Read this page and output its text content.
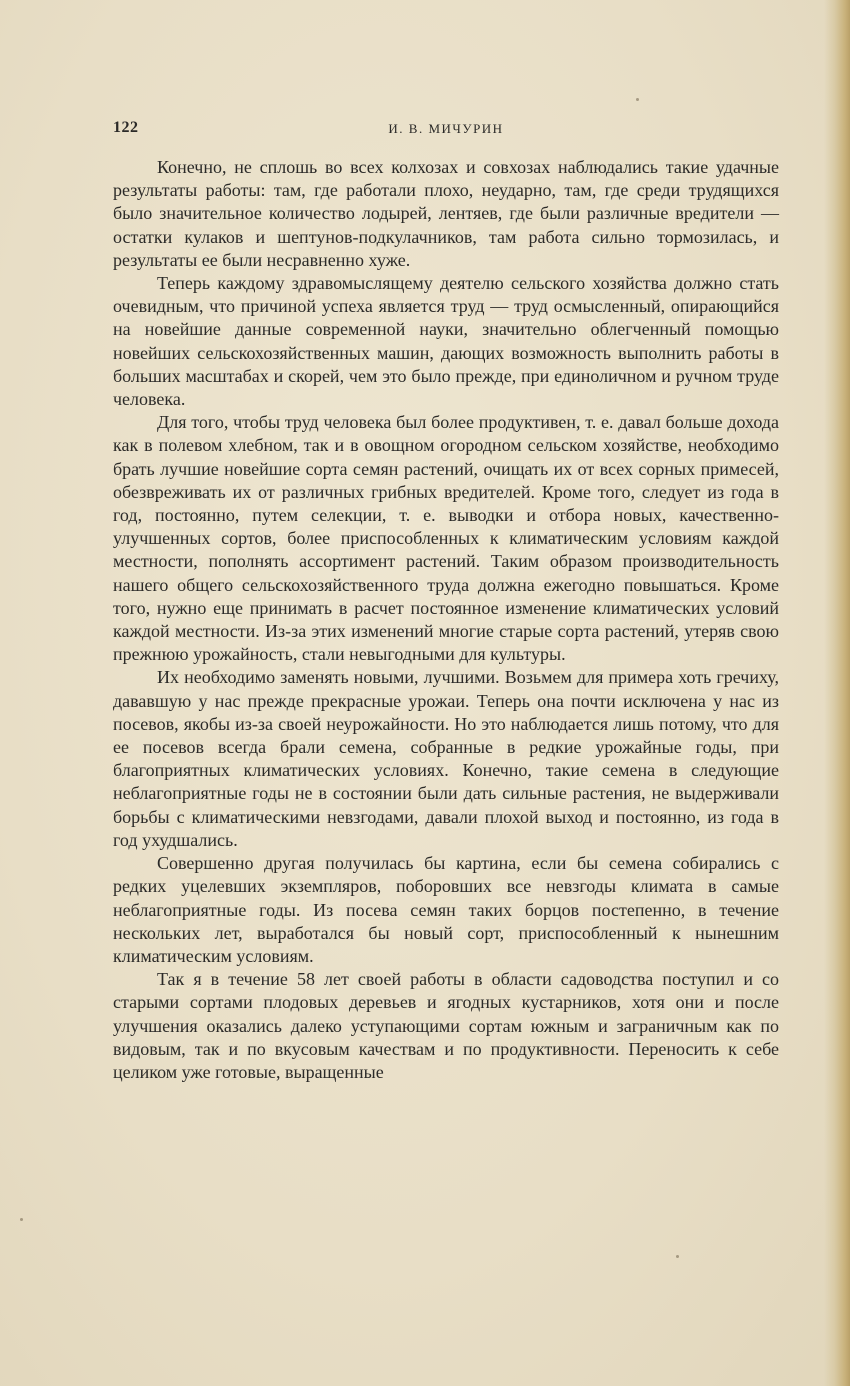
122	И. В. МИЧУРИН

Конечно, не сплошь во всех колхозах и совхозах наблюдались такие удачные результаты работы: там, где работали плохо, неударно, там, где среди трудящихся было значительное количество лодырей, лентяев, где были различные вредители — остатки кулаков и шептунов-подкулачников, там работа сильно тормозилась, и результаты ее были несравненно хуже.

Теперь каждому здравомыслящему деятелю сельского хозяйства должно стать очевидным, что причиной успеха является труд — труд осмысленный, опирающийся на новейшие данные современной науки, значительно облегченный помощью новейших сельскохозяйственных машин, дающих возможность выполнить работы в больших масштабах и скорей, чем это было прежде, при единоличном и ручном труде человека.

Для того, чтобы труд человека был более продуктивен, т. е. давал больше дохода как в полевом хлебном, так и в овощном огородном сельском хозяйстве, необходимо брать лучшие новейшие сорта семян растений, очищать их от всех сорных примесей, обезвреживать их от различных грибных вредителей. Кроме того, следует из года в год, постоянно, путем селекции, т. е. выводки и отбора новых, качественно-улучшенных сортов, более приспособленных к климатическим условиям каждой местности, пополнять ассортимент растений. Таким образом производительность нашего общего сельскохозяйственного труда должна ежегодно повышаться. Кроме того, нужно еще принимать в расчет постоянное изменение климатических условий каждой местности. Из-за этих изменений многие старые сорта растений, утеряв свою прежнюю урожайность, стали невыгодными для культуры.

Их необходимо заменять новыми, лучшими. Возьмем для примера хоть гречиху, дававшую у нас прежде прекрасные урожаи. Теперь она почти исключена у нас из посевов, якобы из-за своей неурожайности. Но это наблюдается лишь потому, что для ее посевов всегда брали семена, собранные в редкие урожайные годы, при благоприятных климатических условиях. Конечно, такие семена в следующие неблагоприятные годы не в состоянии были дать сильные растения, не выдерживали борьбы с климатическими невзгодами, давали плохой выход и постоянно, из года в год ухудшались.

Совершенно другая получилась бы картина, если бы семена собирались с редких уцелевших экземпляров, поборовших все невзгоды климата в самые неблагоприятные годы. Из посева семян таких борцов постепенно, в течение нескольких лет, выработался бы новый сорт, приспособленный к нынешним климатическим условиям.

Так я в течение 58 лет своей работы в области садоводства поступил и со старыми сортами плодовых деревьев и ягодных кустарников, хотя они и после улучшения оказались далеко уступающими сортам южным и заграничным как по видовым, так и по вкусовым качествам и по продуктивности. Переносить к себе целиком уже готовые, выращенные
